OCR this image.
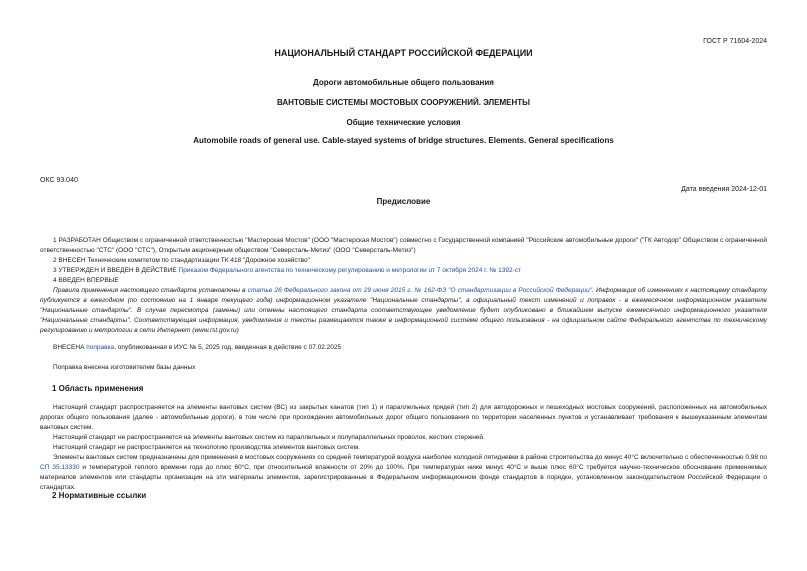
ГОСТ Р 71604-2024
НАЦИОНАЛЬНЫЙ СТАНДАРТ РОССИЙСКОЙ ФЕДЕРАЦИИ
Дороги автомобильные общего пользования
ВАНТОВЫЕ СИСТЕМЫ МОСТОВЫХ СООРУЖЕНИЙ. ЭЛЕМЕНТЫ
Общие технические условия
Automobile roads of general use. Cable-stayed systems of bridge structures. Elements. General specifications
ОКС 93.040
Дата введения 2024-12-01
Предисловие
1 РАЗРАБОТАН Обществом с ограниченной ответственностью "Мастерская Мостов" (ООО "Мастерская Мостов") совместно с Государственной компанией "Российские автомобильные дороги" ("ГК Автодор" Обществом с ограниченной ответственностью "СТС" (ООО "СТС"), Открытым акционерным обществом "Северсталь-Метиз" (ООО "Северсталь-Метиз")
2 ВНЕСЕН Техническим комитетом по стандартизации ТК 418 "Дорожное хозяйство"
3 УТВЕРЖДЕН И ВВЕДЕН В ДЕЙСТВИЕ Приказом Федерального агентства по техническому регулированию и метрологии от 7 октября 2024 г. № 1392-ст
4 ВВЕДЕН ВПЕРВЫЕ
Правила применения настоящего стандарта установлены в статье 26 Федерального закона от 29 июня 2015 г. № 162-ФЗ "О стандартизации в Российской Федерации". Информация об изменениях к настоящему стандарту публикуется в ежегодном (по состоянию на 1 января текущего года) информационном указателе "Национальные стандарты", а официальный текст изменений и поправок - в ежемесячном информационном указателе "Национальные стандарты". В случае пересмотра (замены) или отмены настоящего стандарта соответствующее уведомление будет опубликовано в ближайшем выпуске ежемесячного информационного указателя "Национальные стандарты". Соответствующая информация, уведомления и тексты размещаются также в информационной системе общего пользования - на официальном сайте Федерального агентства по техническому регулированию и метрологии в сети Интернет (www.rst.gov.ru)
ВНЕСЕНА поправка, опубликованная в ИУС № 5, 2025 год, введенная в действие с 07.02.2025
Поправка внесена изготовителем базы данных
1 Область применения
Настоящий стандарт распространяется на элементы вантовых систем (ВС) из закрытых канатов (тип 1) и параллельных прядей (тип 2) для автодорожных и пешеходных мостовых сооружений, расположенных на автомобильных дорогах общего пользования (далее - автомобильные дороги), в том числе при прохождении автомобильных дорог общего пользования по территории населенных пунктов и устанавливает требования к вышеуказанным элементам вантовых систем.
Настоящий стандарт не распространяется на элементы вантовых систем из параллельных и полупараллельных проволок, жестких стержней.
Настоящий стандарт не распространяется на технологию производства элементов вантовых систем.
Элементы вантовых систем предназначены для применения в мостовых сооружениях со средней температурой воздуха наиболее холодной пятидневки в районе строительства до минус 40°С включительно с обеспеченностью 0,98 по СП 35.13330 и температурой теплого времени года до плюс 60°С, при относительной влажности от 20% до 100%. При температурах ниже минус 40°С и выше плюс 60°С требуется научно-техническое обоснование применяемых материалов элементов или стандарты организации на эти материалы элементов, зарегистрированные в Федеральном информационном фонде стандартов в порядке, установленном законодательством Российской Федерации о стандартах.
2 Нормативные ссылки
